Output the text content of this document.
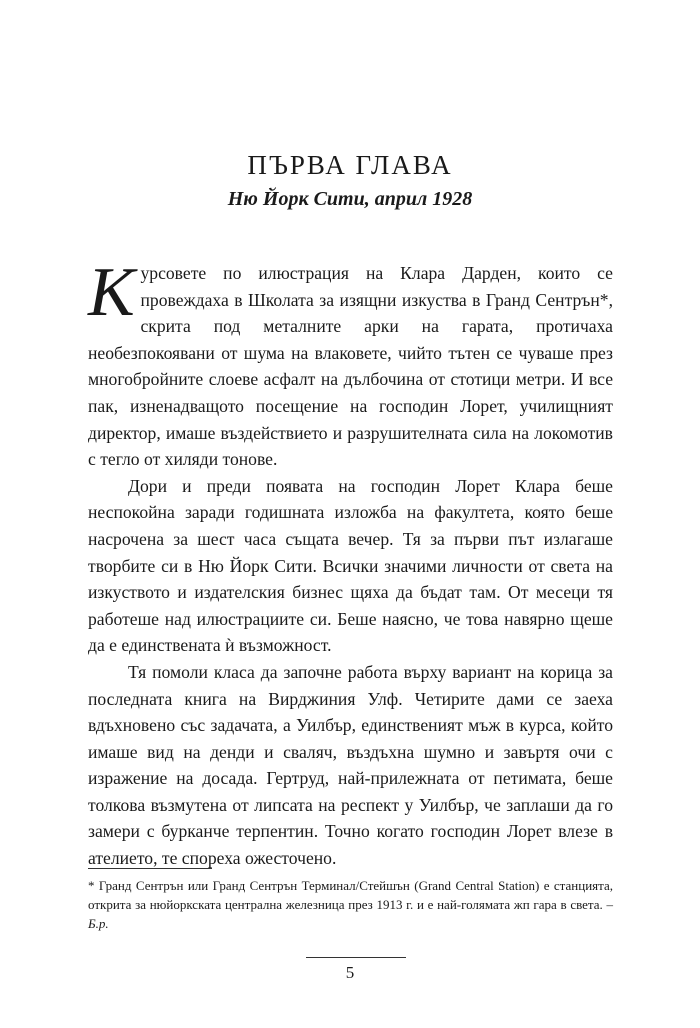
ПЪРВА ГЛАВА
Ню Йорк Сити, април 1928

Курсовете по илюстрация на Клара Дарден, които се провеждаха в Школата за изящни изкуства в Гранд Сентрън*, скрита под металните арки на гарата, протичаха необезпокоявани от шума на влаковете, чийто тътен се чуваше през многобройните слоеве асфалт на дълбочина от стотици метри. И все пак, изненадващото посещение на господин Лорет, училищният директор, имаше въздействието и разрушителната сила на локомотив с тегло от хиляди тонове.

Дори и преди появата на господин Лорет Клара беше неспокойна заради годишната изложба на факултета, която беше насрочена за шест часа същата вечер. Тя за първи път излагаше творбите си в Ню Йорк Сити. Всички значими личности от света на изкуството и издателския бизнес щяха да бъдат там. От месеци тя работеше над илюстрациите си. Беше наясно, че това навярно щеше да е единствената ѝ възможност.

Тя помоли класа да започне работа върху вариант на корица за последната книга на Вирджиния Улф. Четирите дами се заеха вдъхновено със задачата, а Уилбър, единственият мъж в курса, който имаше вид на денди и сваляч, въздъхна шумно и завъртя очи с изражение на досада. Гертруд, най-прилежната от петимата, беше толкова възмутена от липсата на респект у Уилбър, че заплаши да го замери с бурканче терпентин. Точно когато господин Лорет влезе в ателието, те спореха ожесточено.

* Гранд Сентрън или Гранд Сентрън Терминал/Стейшън (Grand Central Station) е станцията, открита за нюйоркската централна железница през 1913 г. и е най-голямата жп гара в света. – Б.р.
5
